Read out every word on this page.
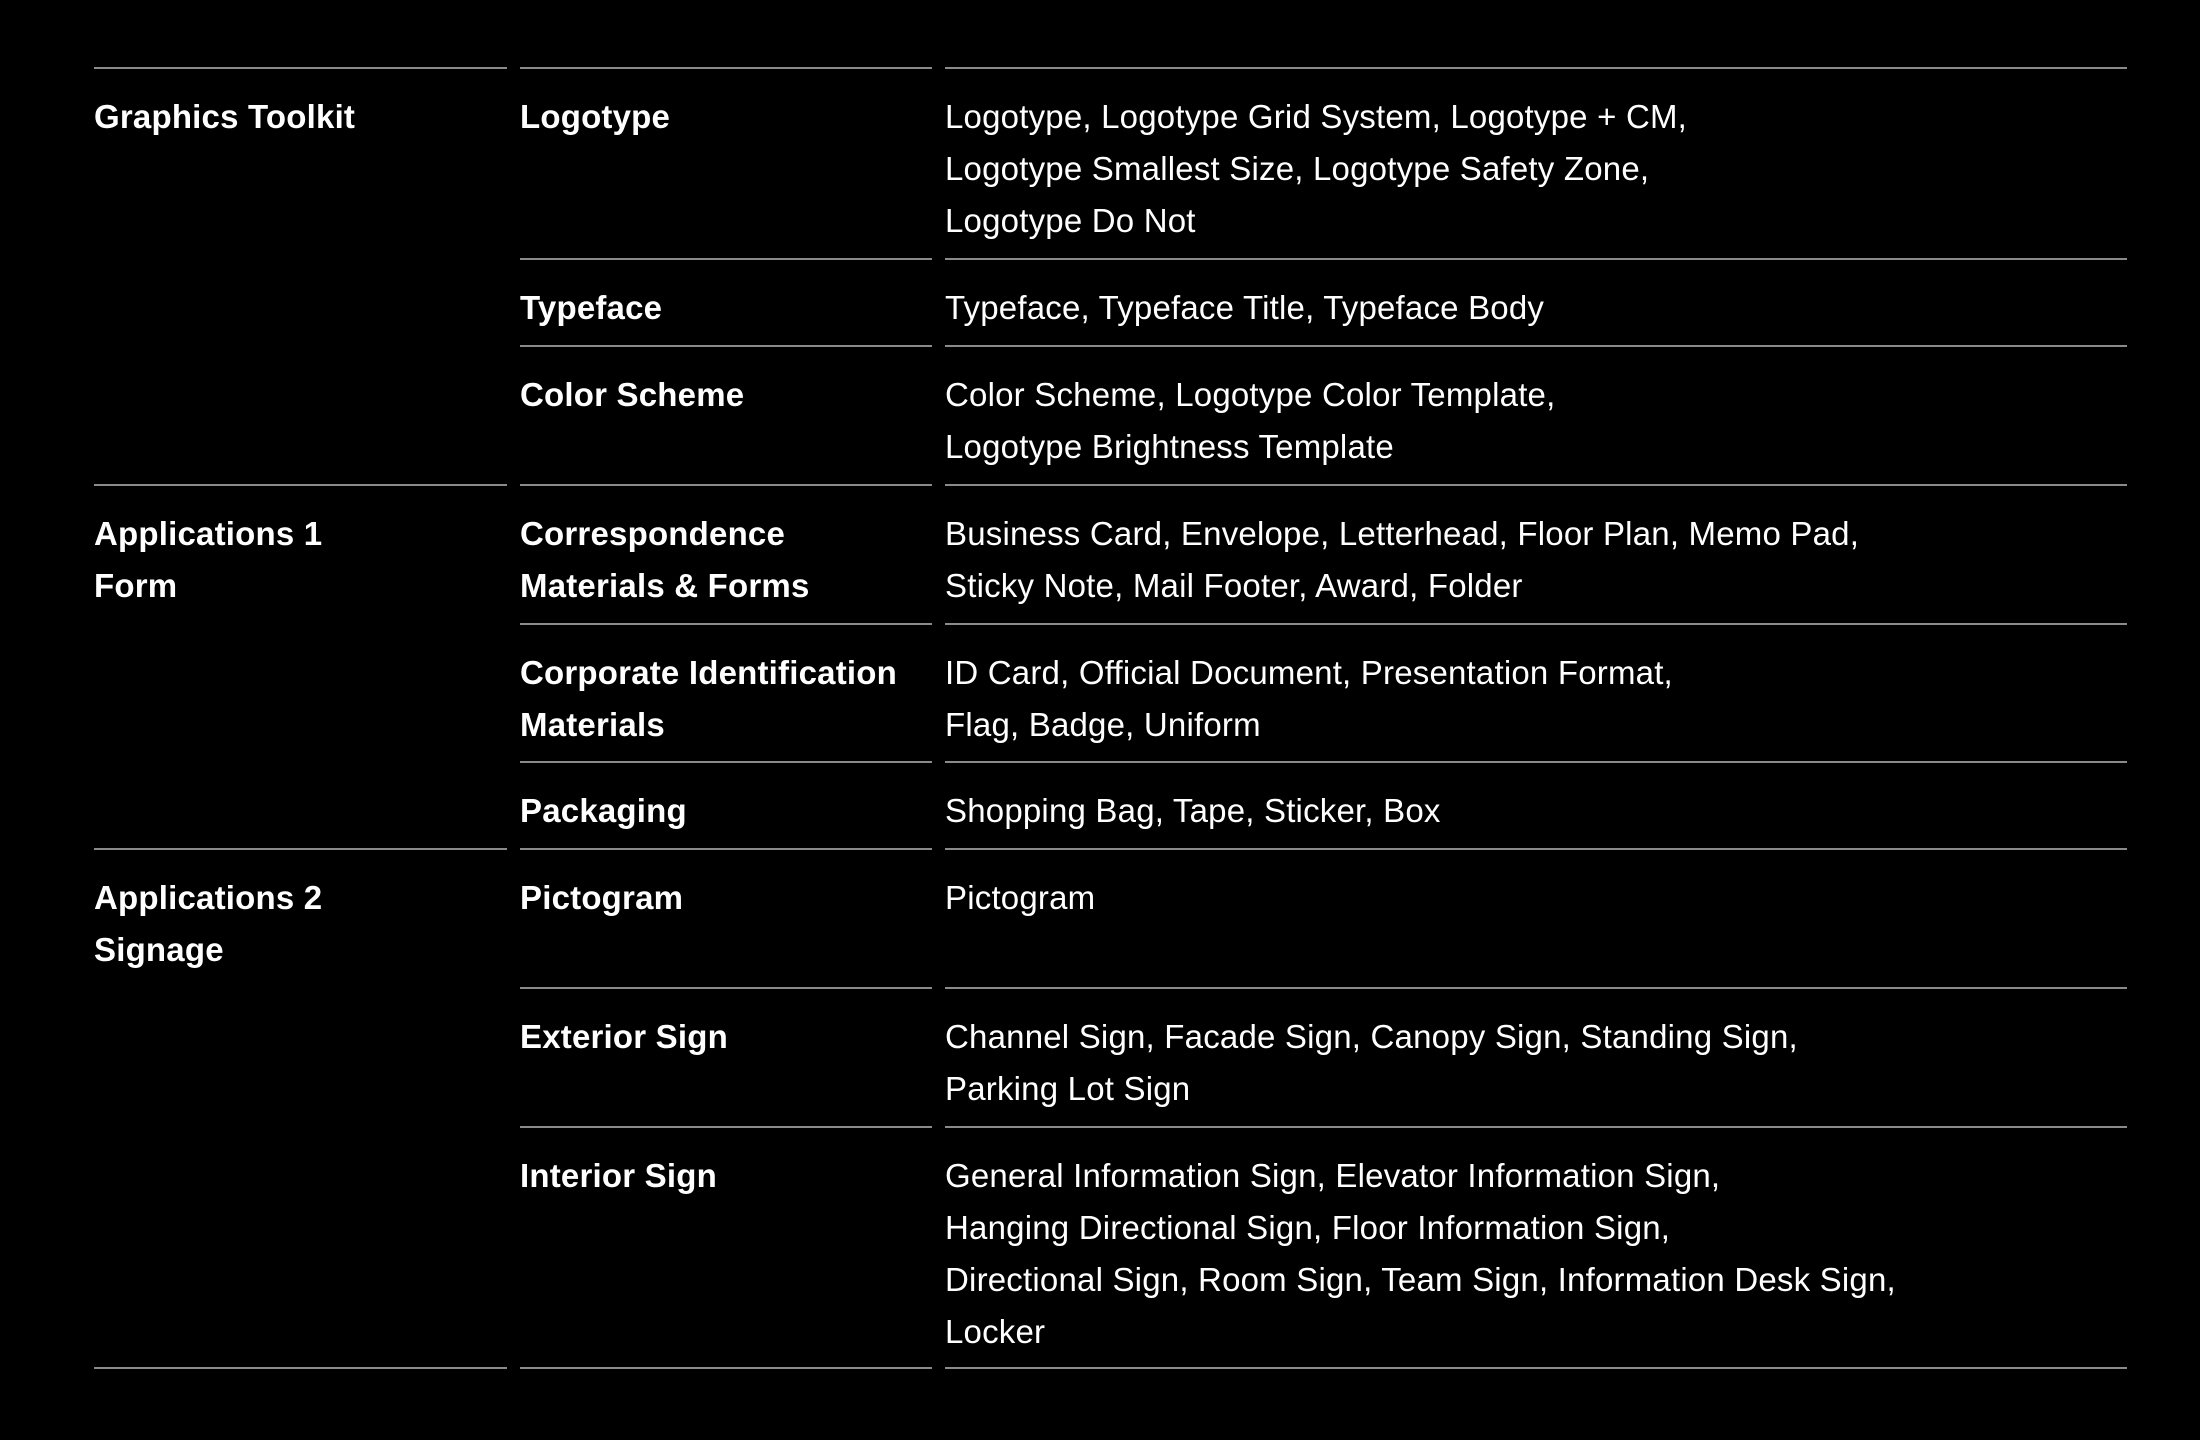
Graphics Toolkit
Applications 1
Form
Applications 2
Signage
Logotype
Typeface
Color Scheme
Correspondence
Materials & Forms
Corporate Identification
Materials
Packaging
Pictogram
Exterior Sign
Interior Sign
Logotype, Logotype Grid System, Logotype + CM,
Logotype Smallest Size, Logotype Safety Zone,
Logotype Do Not
Typeface, Typeface Title, Typeface Body
Color Scheme, Logotype Color Template,
Logotype Brightness Template
Business Card, Envelope, Letterhead, Floor Plan, Memo Pad,
Sticky Note, Mail Footer, Award, Folder
ID Card, Official Document, Presentation Format,
Flag, Badge, Uniform
Shopping Bag, Tape, Sticker, Box
Pictogram
Channel Sign, Facade Sign, Canopy Sign, Standing Sign,
Parking Lot Sign
General Information Sign, Elevator Information Sign,
Hanging Directional Sign, Floor Information Sign,
Directional Sign, Room Sign, Team Sign, Information Desk Sign,
Locker
